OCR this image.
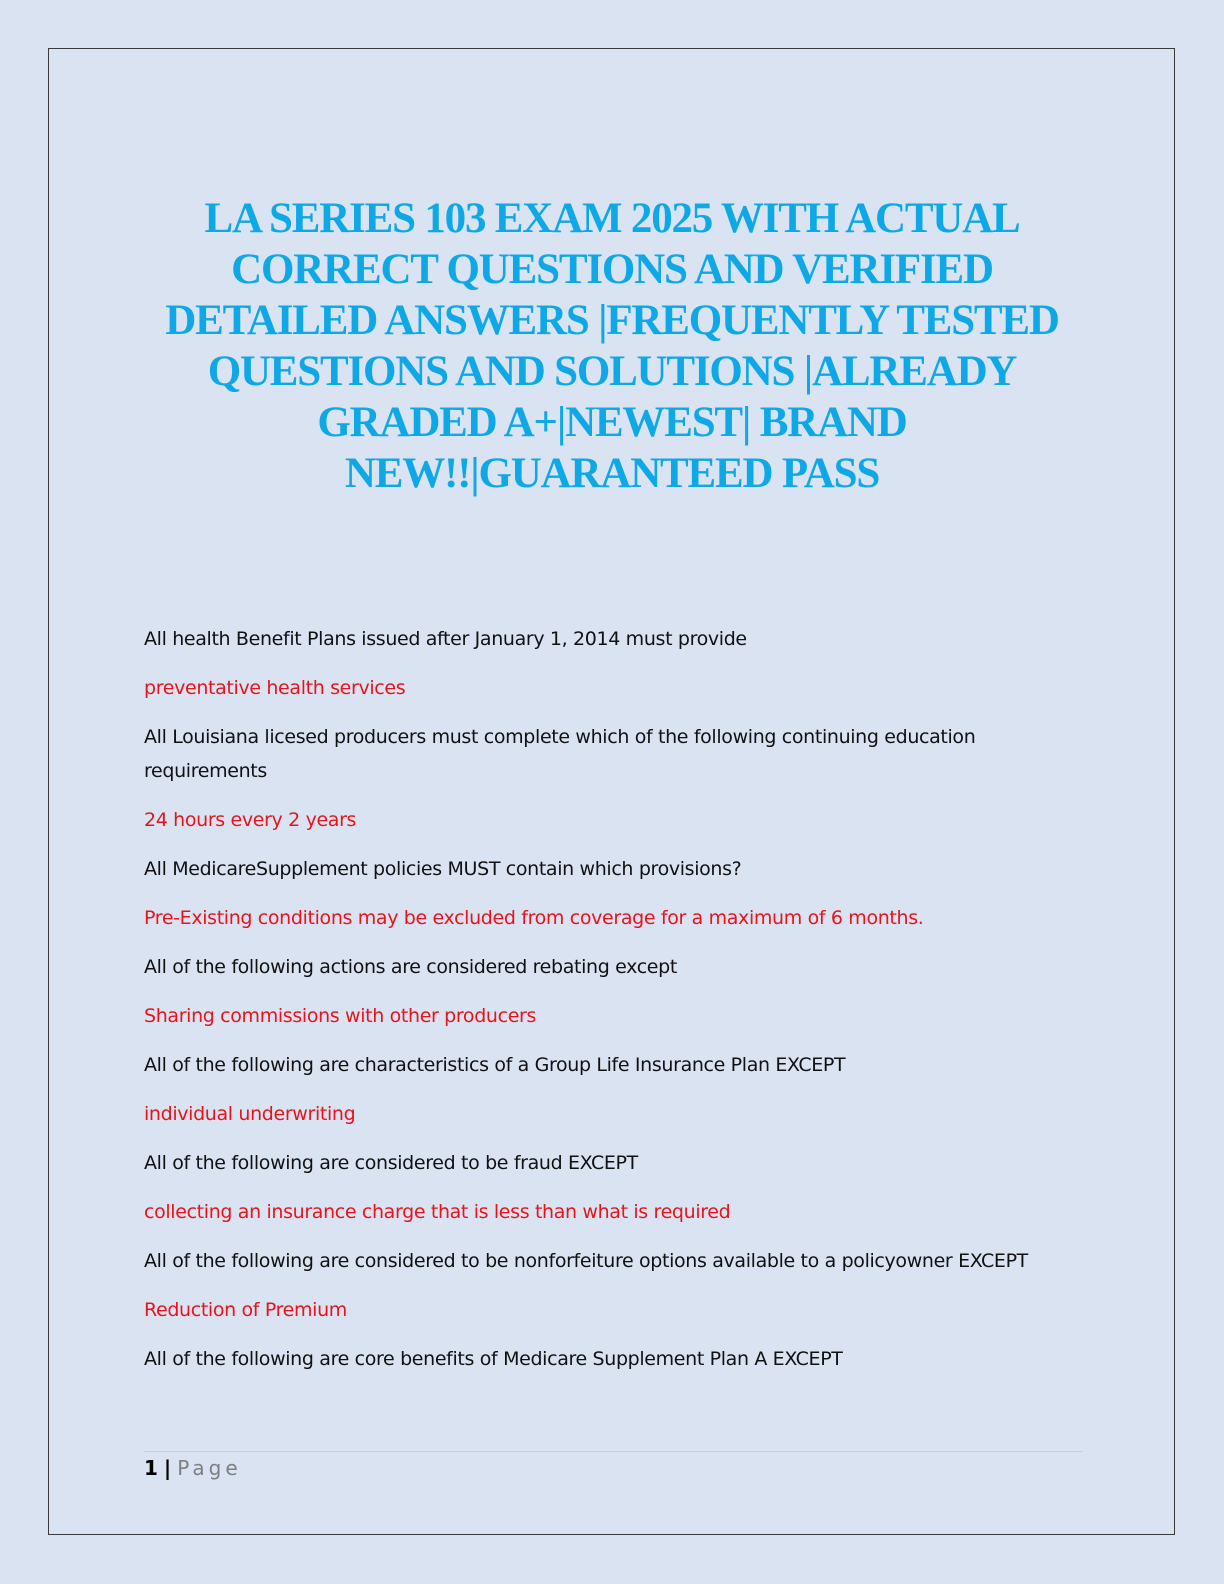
LA SERIES 103 EXAM 2025 WITH ACTUAL CORRECT QUESTIONS AND VERIFIED DETAILED ANSWERS |FREQUENTLY TESTED QUESTIONS AND SOLUTIONS |ALREADY GRADED A+|NEWEST| BRAND NEW!!|GUARANTEED PASS

All health Benefit Plans issued after January 1, 2014 must provide

preventative health services

All Louisiana licesed producers must complete which of the following continuing education requirements

24 hours every 2 years

All MedicareSupplement policies MUST contain which provisions?

Pre-Existing conditions may be excluded from coverage for a maximum of 6 months.

All of the following actions are considered rebating except

Sharing commissions with other producers

All of the following are characteristics of a Group Life Insurance Plan EXCEPT

individual underwriting

All of the following are considered to be fraud EXCEPT

collecting an insurance charge that is less than what is required

All of the following are considered to be nonforfeiture options available to a policyowner EXCEPT

Reduction of Premium

All of the following are core benefits of Medicare Supplement Plan A EXCEPT

1 | Page
